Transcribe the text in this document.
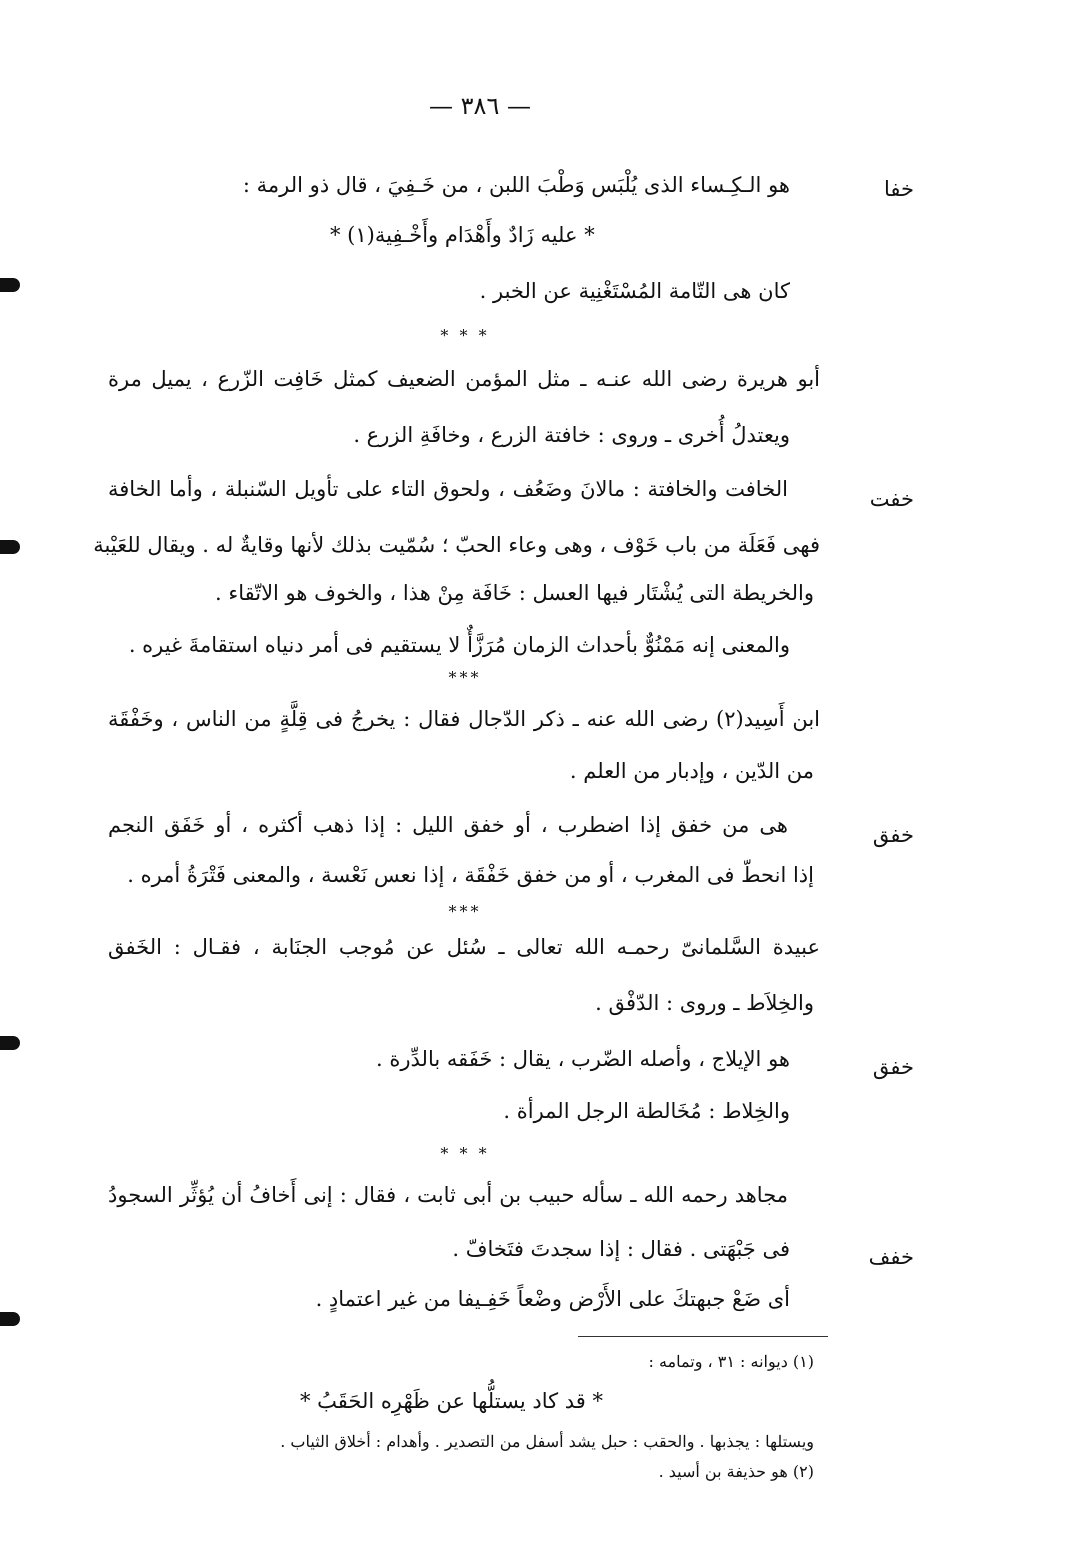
— ٣٨٦ —
خفا
هو الـكِـساء الذى يُلْبَس وَطْبَ اللبن ، من خَـفِيَ ، قال ذو الرمة :
* عليه زَادٌ وأَهْدَام وأَخْـفِية(١) *
كان هى التّامة المُسْتَغْنِية عن الخبر .
* * *
أبو هريرة رضى الله عنـه ـ مثل المؤمن الضعيف كمثل خَافِت الزّرع ، يميل مرة
ويعتدلُ أُخرى ـ وروى : خافتة الزرع ، وخافَةِ الزرع .
خفت
الخافت والخافتة : مالانَ وضَعُف ، ولحوق التاء على تأويل السّنبلة ، وأما الخافة
فهى فَعَلَة من باب خَوْف ، وهى وعاء الحبّ ؛ سُمّيت بذلك لأنها وقايةٌ له . ويقال للعَيْبة
والخريطة التى يُشْتَار فيها العسل : خَافَة مِنْ هذا ، والخوف هو الاتّقاء .
والمعنى إنه مَمْنُوٌّ بأحداث الزمان مُرَزَّأٌ لا يستقيم فى أمر دنياه استقامةَ غيره .
***
ابن أَسِيد(٢) رضى الله عنه ـ ذكر الدّجال فقال : يخرجُ فى قِلَّةٍ من الناس ، وخَفْقَة
من الدّين ، وإدبار من العلم .
خفق
هى من خفق إذا اضطرب ، أو خفق الليل : إذا ذهب أكثره ، أو خَفَق النجم
إذا انحطّ فى المغرب ، أو من خفق خَفْقَة ، إذا نعس نَعْسة ، والمعنى فَتْرَةُ أمره .
***
عبيدة السَّلمانىّ رحمـه الله تعالى ـ سُئل عن مُوجب الجنَابة ، فقـال : الخَفق
والخِلاَط ـ وروى : الدّفْق .
خفق
هو الإيلاج ، وأصله الضّرب ، يقال : خَفَقه بالدِّرة .
والخِلاط : مُخَالطة الرجل المرأة .
* * *
مجاهد رحمه الله ـ سأله حبيب بن أبى ثابت ، فقال : إنى أَخافُ أن يُؤثِّر السجودُ
فى جَبْهَتى . فقال : إذا سجدتَ فتَخافّ .	خفف
أى ضَعْ جبهتكَ على الأَرْض وضْعاً خَفِـيفا من غير اعتمادٍ .
(١) ديوانه : ٣١ ، وتمامه :
* قد كاد يستلُّها عن ظَهْرِه الحَقَبُ *
ويستلها : يجذبها . والحقب : حبل يشد أسفل من التصدير . وأهدام : أخلاق الثياب .
(٢) هو حذيفة بن أسيد .
